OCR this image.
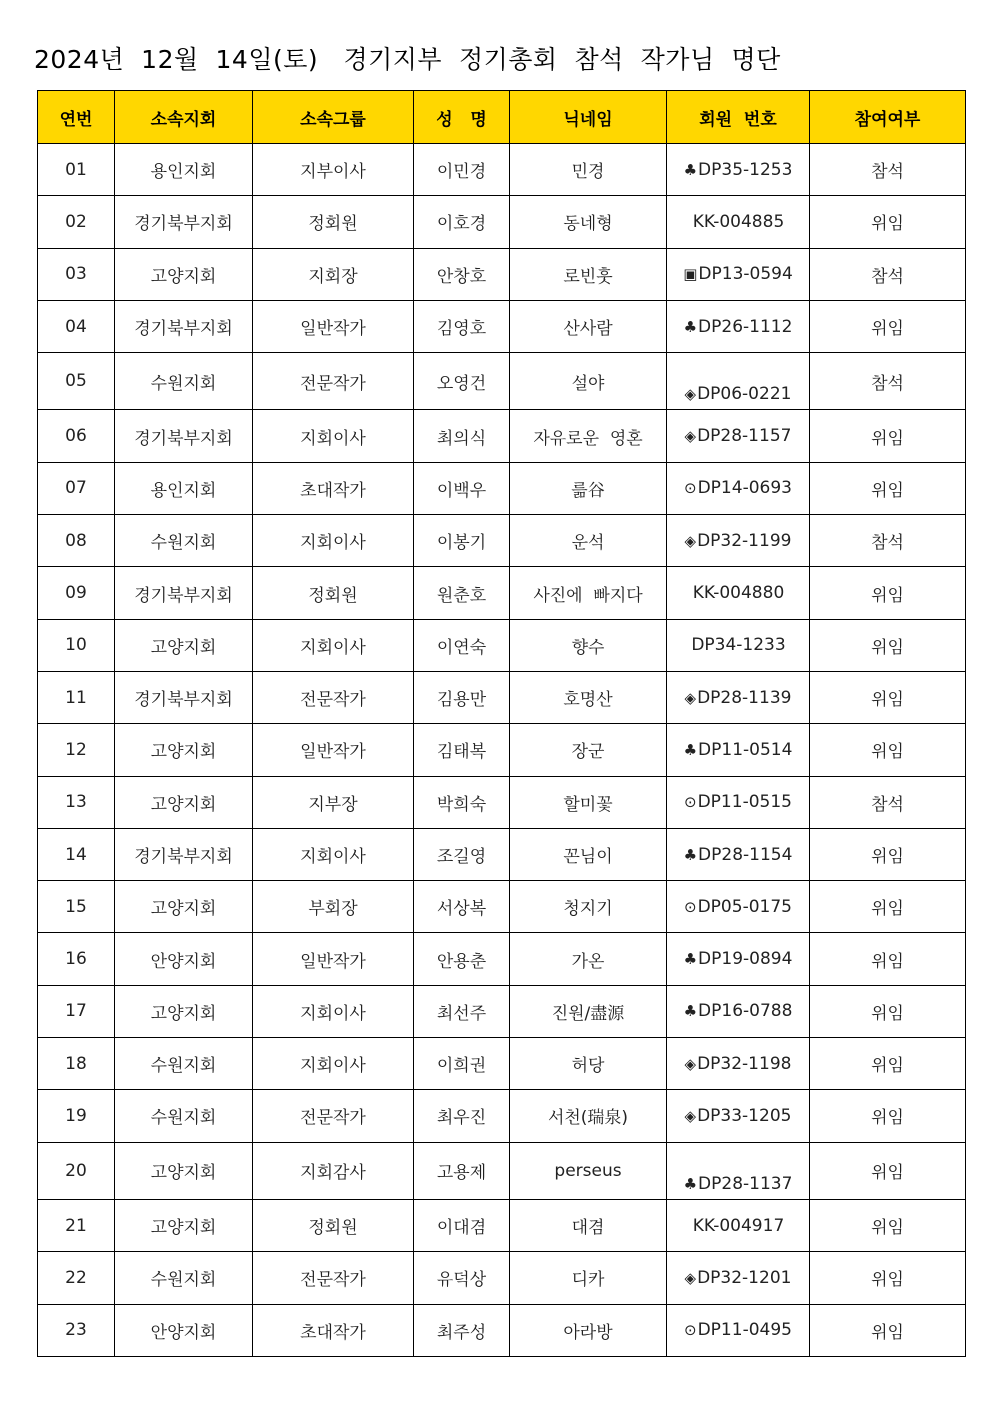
2024년  12월  14일(토)   경기지부  정기총회  참석  작가님  명단
연번	소속지회	소속그룹	성   명	닉네임	회원  번호	참여여부
01	용인지회	지부이사	이민경	민경	♣DP35-1253	참석
02	경기북부지회	정회원	이호경	동네형	KK-004885	위임
03	고양지회	지회장	안창호	로빈훗	▣DP13-0594	참석
04	경기북부지회	일반작가	김영호	산사람	♣DP26-1112	위임
05	수원지회	전문작가	오영건	설야	◈DP06-0221	참석
06	경기북부지회	지회이사	최의식	자유로운  영혼	◈DP28-1157	위임
07	용인지회	초대작가	이백우	륾谷	⊙DP14-0693	위임
08	수원지회	지회이사	이봉기	운석	◈DP32-1199	참석
09	경기북부지회	정회원	원춘호	사진에  빠지다	KK-004880	위임
10	고양지회	지회이사	이연숙	향수	DP34-1233	위임
11	경기북부지회	전문작가	김용만	호명산	◈DP28-1139	위임
12	고양지회	일반작가	김태복	장군	♣DP11-0514	위임
13	고양지회	지부장	박희숙	할미꽃	⊙DP11-0515	참석
14	경기북부지회	지회이사	조길영	꼰님이	♣DP28-1154	위임
15	고양지회	부회장	서상복	청지기	⊙DP05-0175	위임
16	안양지회	일반작가	안용춘	가온	♣DP19-0894	위임
17	고양지회	지회이사	최선주	진원/盡源	♣DP16-0788	위임
18	수원지회	지회이사	이희권	허당	◈DP32-1198	위임
19	수원지회	전문작가	최우진	서천(瑞泉)	◈DP33-1205	위임
20	고양지회	지회감사	고용제	perseus	♣DP28-1137	위임
21	고양지회	정회원	이대겸	대겸	KK-004917	위임
22	수원지회	전문작가	유덕상	디카	◈DP32-1201	위임
23	안양지회	초대작가	최주성	아라방	⊙DP11-0495	위임
